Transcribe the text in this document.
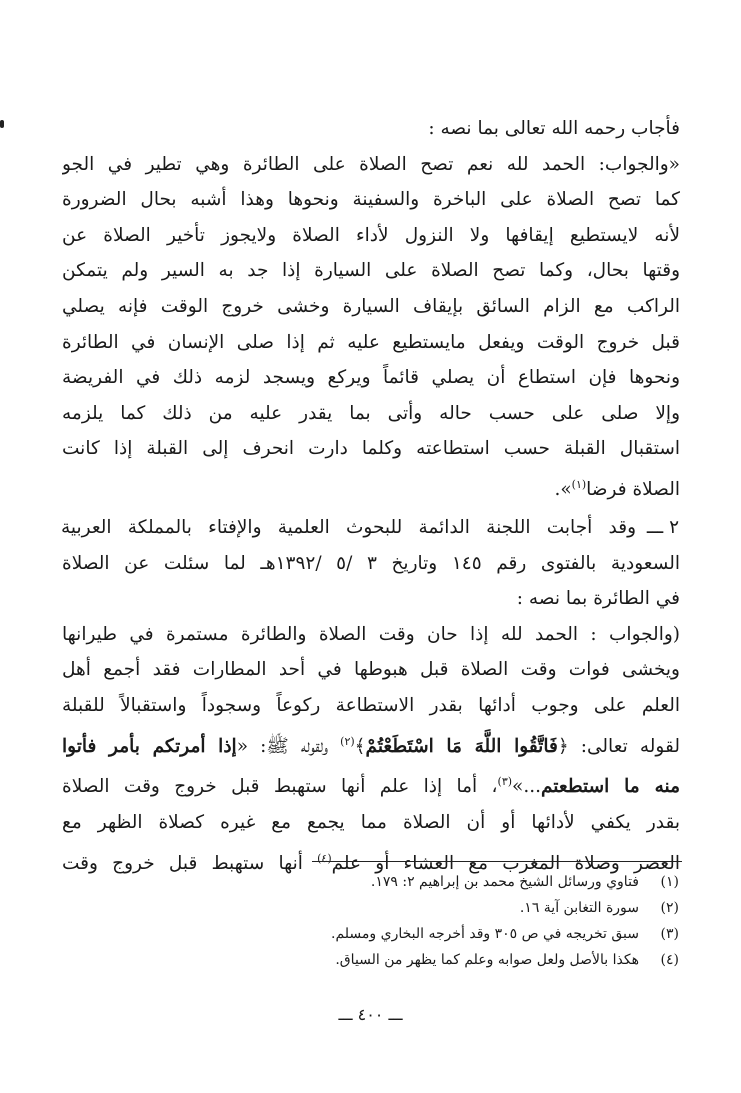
فأجاب رحمه الله تعالى بما نصه :
«والجواب: الحمد لله نعم تصح الصلاة على الطائرة وهي تطير في الجو
كما تصح الصلاة على الباخرة والسفينة ونحوها وهذا أشبه بحال الضرورة
لأنه لايستطيع إيقافها ولا النزول لأداء الصلاة ولايجوز تأخير الصلاة عن
وقتها بحال، وكما تصح الصلاة على السيارة إذا جد به السير ولم يتمكن
الراكب مع الزام السائق بإيقاف السيارة وخشى خروج الوقت فإنه يصلي
قبل خروج الوقت ويفعل مايستطيع عليه ثم إذا صلى الإنسان في الطائرة
ونحوها فإن استطاع أن يصلي قائماً ويركع ويسجد لزمه ذلك في الفريضة
وإلا صلى على حسب حاله وأتى بما يقدر عليه من ذلك كما يلزمه
استقبال القبلة حسب استطاعته وكلما دارت انحرف إلى القبلة إذا كانت
الصلاة فرضا$^{(١)}$».
٢ ـــ
وقد أجابت اللجنة الدائمة للبحوث العلمية والإفتاء بالمملكة العربية
السعودية بالفتوى رقم ١٤٥ وتاريخ ٣ /٥ /١٣٩٢هـ لما سئلت عن الصلاة
في الطائرة بما نصه :
(والجواب : الحمد لله إذا حان وقت الصلاة والطائرة مستمرة في طيرانها
ويخشى فوات وقت الصلاة قبل هبوطها في أحد المطارات فقد أجمع أهل
العلم على وجوب أدائها بقدر الاستطاعة ركوعاً وسجوداً واستقبالاً للقبلة
لقوله تعالى: ﴿فَاتَّقُوا اللَّهَ مَا اسْتَطَعْتُمْ﴾$^{(٢)}$ ولقوله ﷺ: «إذا أمرتكم بأمر فأتوا
منه ما استطعتم...»$^{(٣)}$، أما إذا علم أنها ستهبط قبل خروج وقت الصلاة
بقدر يكفي لأدائها أو أن الصلاة مما يجمع مع غيره كصلاة الظهر مع
العصر وصلاة المغرب مع العشاء أو علم$^{(٤)}$ أنها ستهبط قبل خروج وقت
(١)
فتاوي ورسائل الشيخ محمد بن إبراهيم ٢: ١٧٩.
(٢)
سورة التغابن آية ١٦.
(٣)
سبق تخريجه في ص ٣٠٥ وقد أخرجه البخاري ومسلم.
(٤)
هكذا بالأصل ولعل صوابه وعلم كما يظهر من السياق.
ـــ ٤٠٠ ـــ
